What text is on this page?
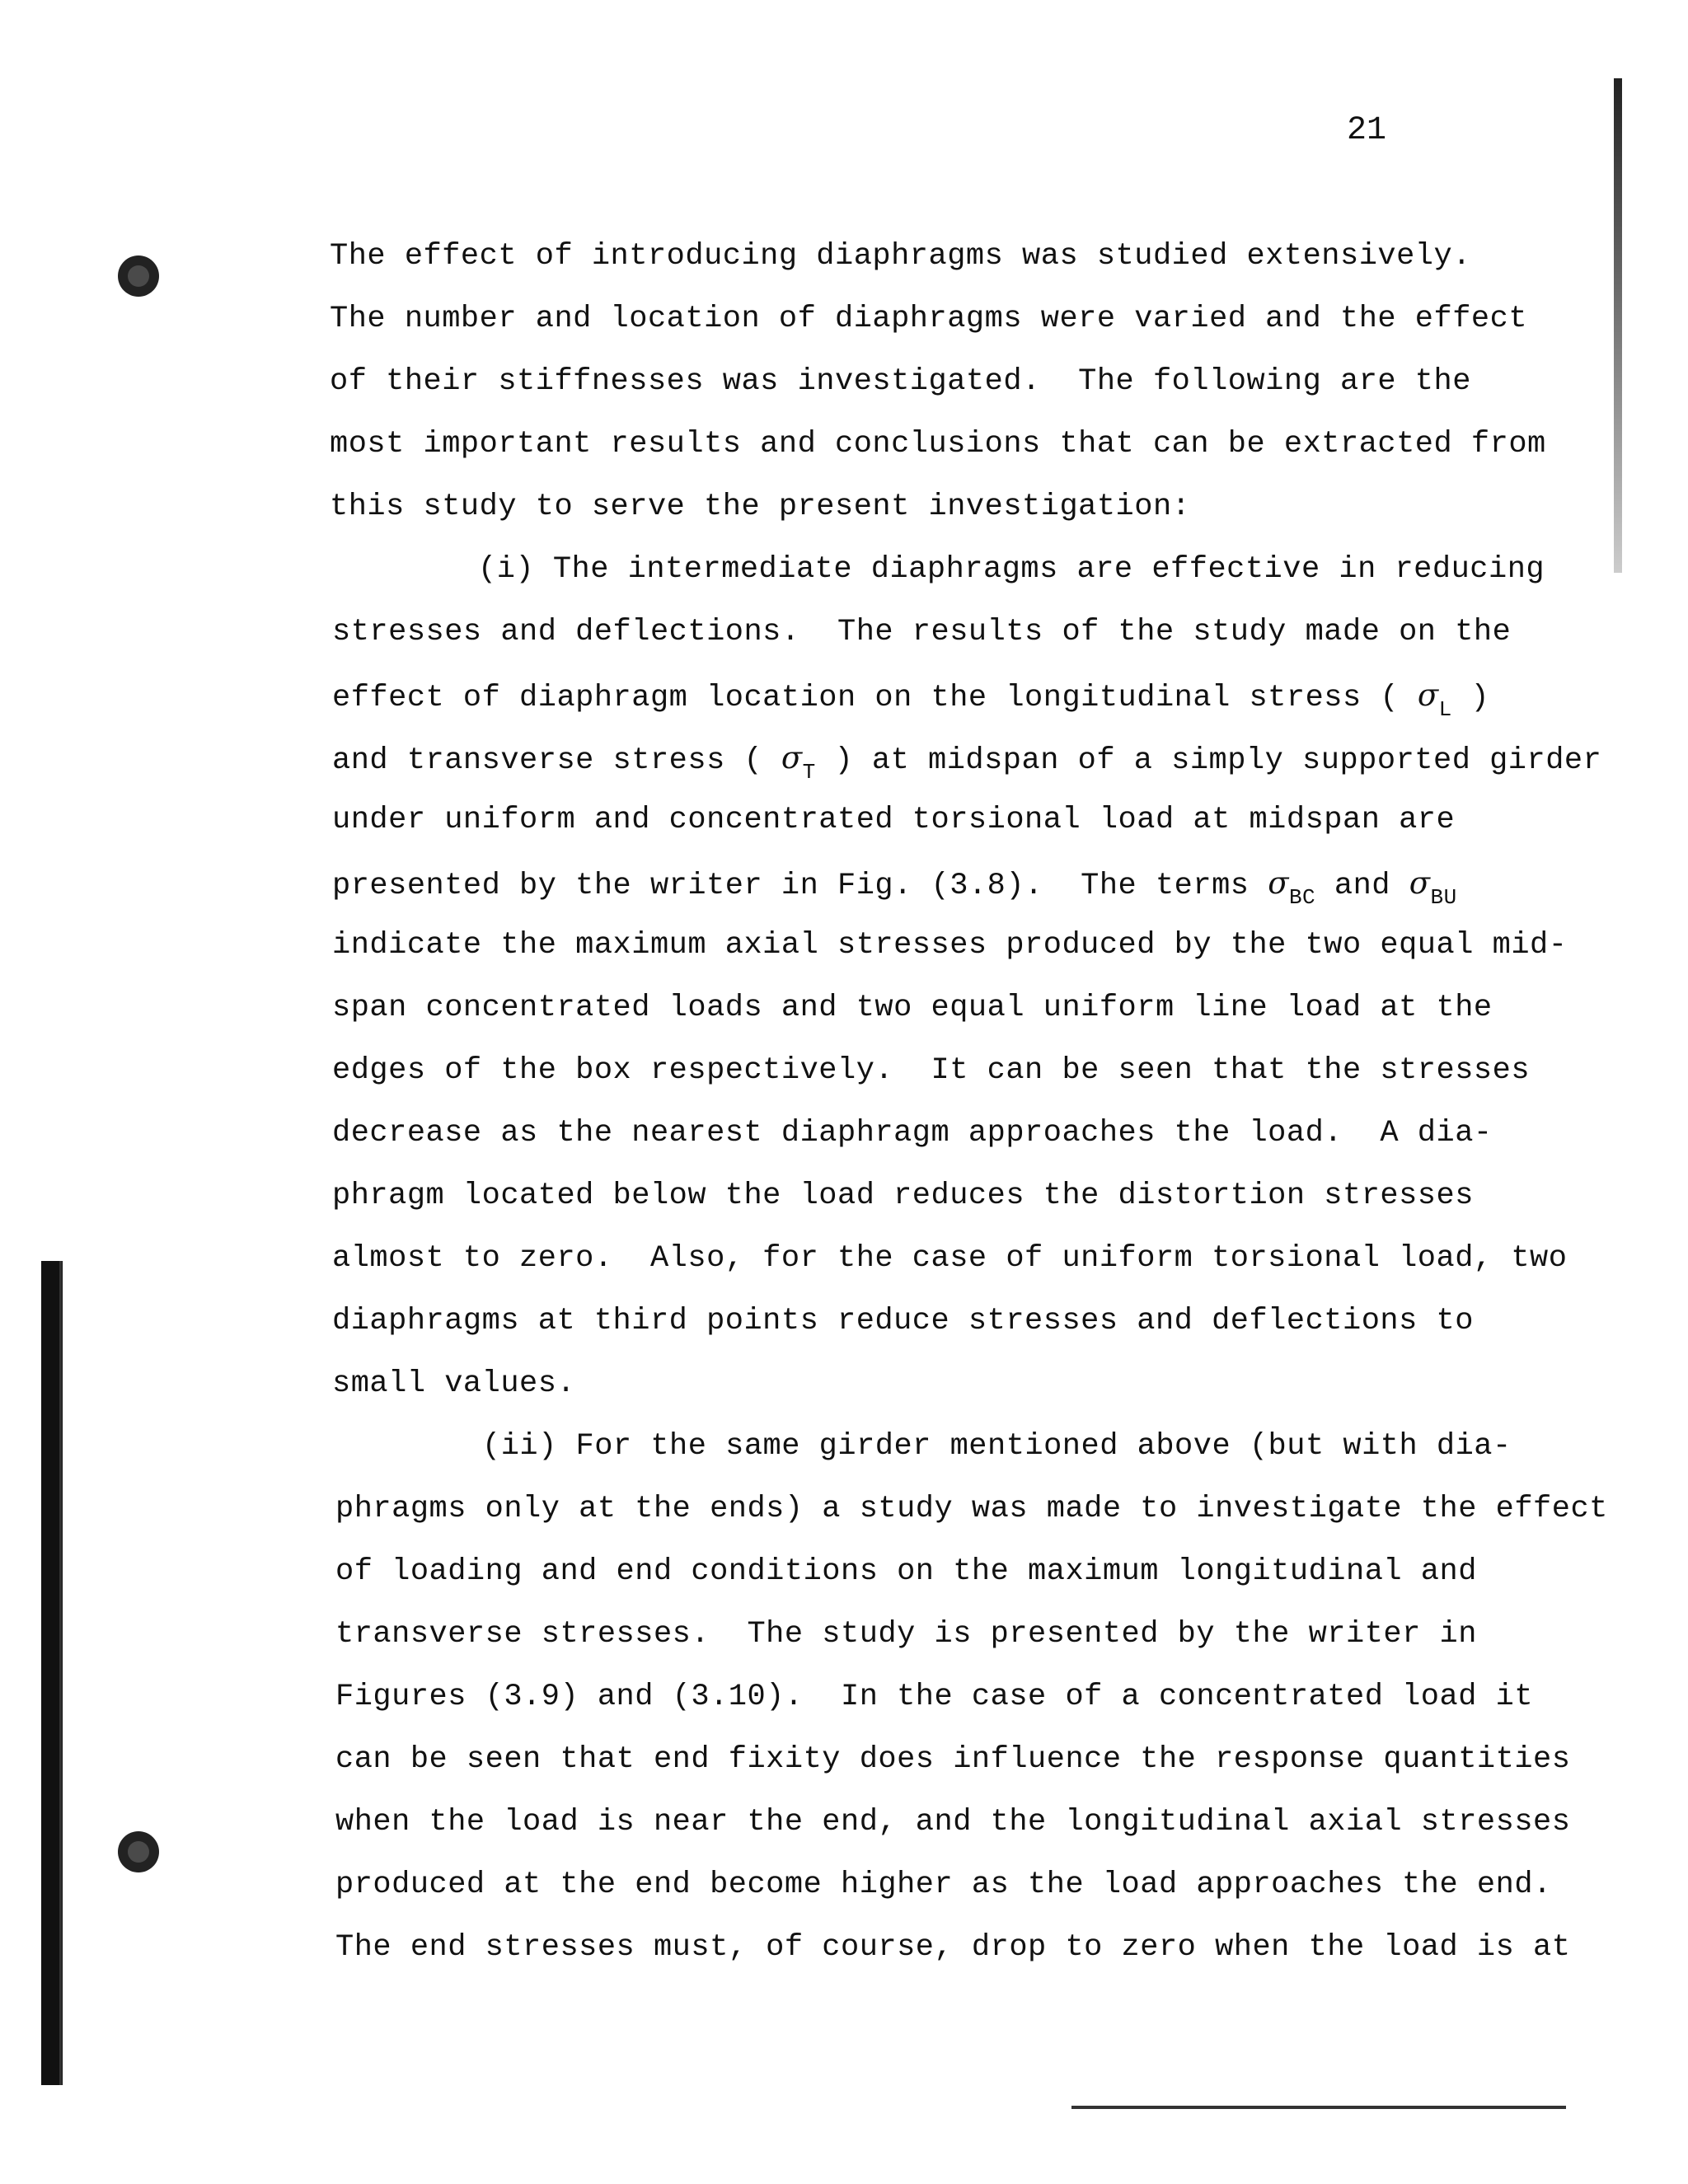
21
The effect of introducing diaphragms was studied extensively.
The number and location of diaphragms were varied and the effect
of their stiffnesses was investigated.  The following are the
most important results and conclusions that can be extracted from
this study to serve the present investigation:
(i) The intermediate diaphragms are effective in reducing
stresses and deflections.  The results of the study made on the
effect of diaphragm location on the longitudinal stress ( $\sigma_L$ )
and transverse stress ( $\sigma_T$ ) at midspan of a simply supported girder
under uniform and concentrated torsional load at midspan are
presented by the writer in Fig. (3.8).  The terms $\sigma_{BC}$ and $\sigma_{BU}$
indicate the maximum axial stresses produced by the two equal mid-
span concentrated loads and two equal uniform line load at the
edges of the box respectively.  It can be seen that the stresses
decrease as the nearest diaphragm approaches the load.  A dia-
phragm located below the load reduces the distortion stresses
almost to zero.  Also, for the case of uniform torsional load, two
diaphragms at third points reduce stresses and deflections to
small values.
(ii) For the same girder mentioned above (but with dia-
phragms only at the ends) a study was made to investigate the effect
of loading and end conditions on the maximum longitudinal and
transverse stresses.  The study is presented by the writer in
Figures (3.9) and (3.10).  In the case of a concentrated load it
can be seen that end fixity does influence the response quantities
when the load is near the end, and the longitudinal axial stresses
produced at the end become higher as the load approaches the end.
The end stresses must, of course, drop to zero when the load is at
